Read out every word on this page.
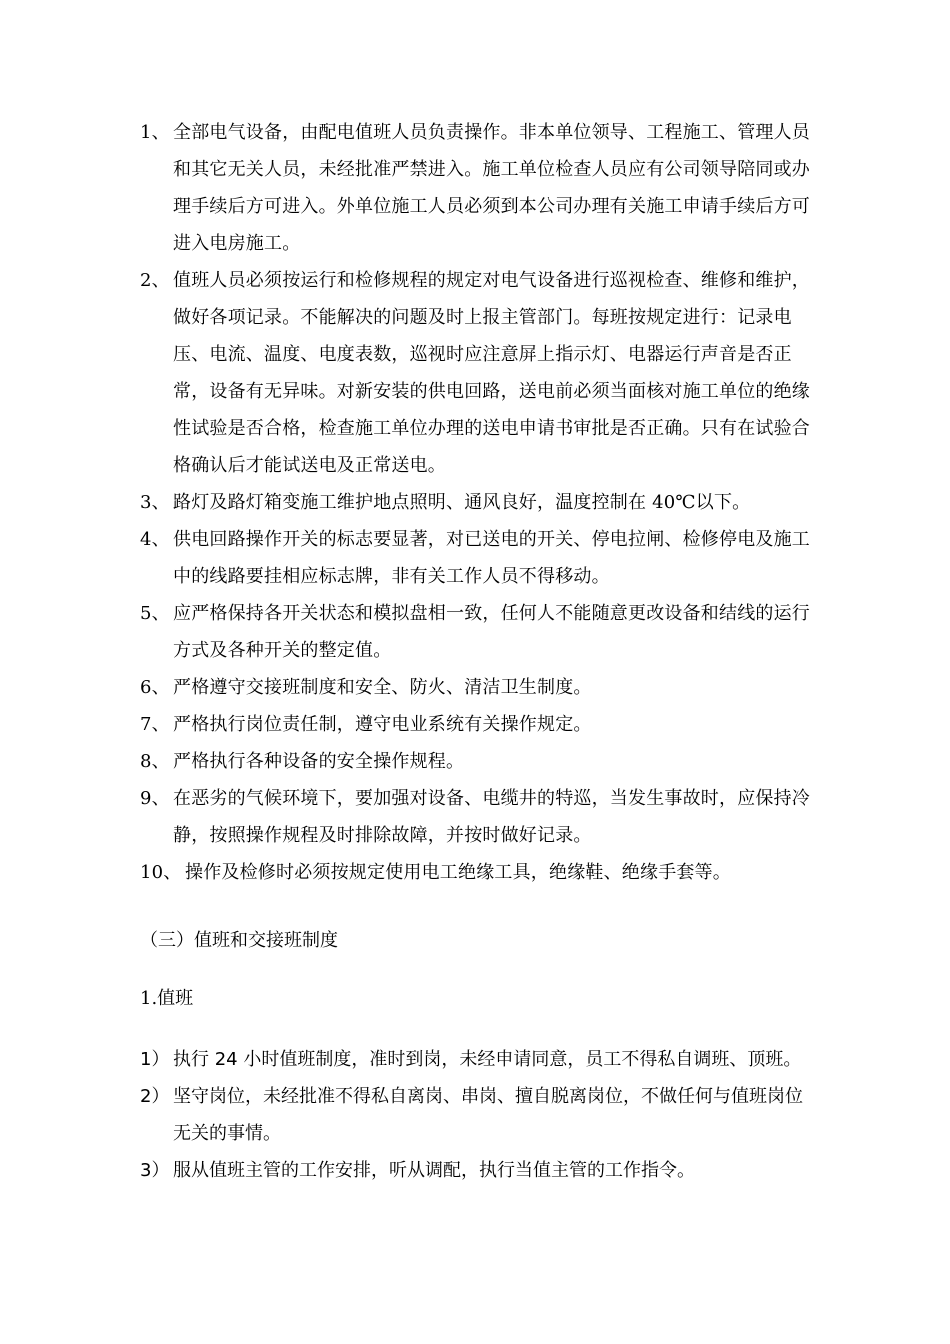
1、 全部电气设备，由配电值班人员负责操作。非本单位领导、工程施工、管理人员和其它无关人员，未经批准严禁进入。施工单位检查人员应有公司领导陪同或办理手续后方可进入。外单位施工人员必须到本公司办理有关施工申请手续后方可进入电房施工。

2、 值班人员必须按运行和检修规程的规定对电气设备进行巡视检查、维修和维护，做好各项记录。不能解决的问题及时上报主管部门。每班按规定进行：记录电压、电流、温度、电度表数，巡视时应注意屏上指示灯、电器运行声音是否正常，设备有无异味。对新安装的供电回路，送电前必须当面核对施工单位的绝缘性试验是否合格，检查施工单位办理的送电申请书审批是否正确。只有在试验合格确认后才能试送电及正常送电。

3、 路灯及路灯箱变施工维护地点照明、通风良好，温度控制在 40℃以下。

4、 供电回路操作开关的标志要显著，对已送电的开关、停电拉闸、检修停电及施工中的线路要挂相应标志牌，非有关工作人员不得移动。

5、 应严格保持各开关状态和模拟盘相一致，任何人不能随意更改设备和结线的运行方式及各种开关的整定值。

6、 严格遵守交接班制度和安全、防火、清洁卫生制度。

7、 严格执行岗位责任制，遵守电业系统有关操作规定。

8、 严格执行各种设备的安全操作规程。

9、 在恶劣的气候环境下，要加强对设备、电缆井的特巡，当发生事故时，应保持冷静，按照操作规程及时排除故障，并按时做好记录。

10、 操作及检修时必须按规定使用电工绝缘工具，绝缘鞋、绝缘手套等。

（三）值班和交接班制度
1.值班

1） 执行 24 小时值班制度，准时到岗，未经申请同意，员工不得私自调班、顶班。

2） 坚守岗位，未经批准不得私自离岗、串岗、擅自脱离岗位，不做任何与值班岗位无关的事情。

3） 服从值班主管的工作安排，听从调配，执行当值主管的工作指令。
